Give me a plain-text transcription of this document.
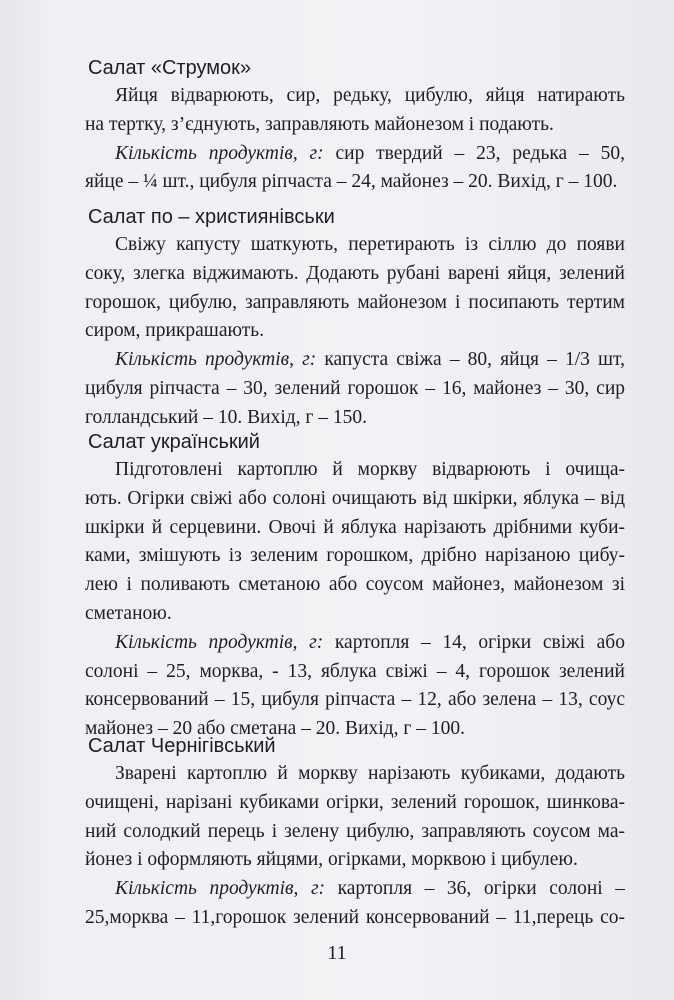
Салат «Струмок»
Яйця відварюють, сир, редьку, цибулю, яйця натирають
на тертку, з’єднують, заправляють майонезом і подають.
Кількість продуктів, г: сир твердий – 23, редька – 50,
яйце – ¼ шт., цибуля ріпчаста – 24, майонез – 20. Вихід, г – 100.
Салат по – християнівськи
Свіжу капусту шаткують, перетирають із сіллю до появи
соку, злегка віджимають. Додають рубані варені яйця, зелений
горошок, цибулю, заправляють майонезом і посипають тертим
сиром, прикрашають.
Кількість продуктів, г: капуста свіжа – 80, яйця – 1/3 шт,
цибуля ріпчаста – 30, зелений горошок – 16, майонез – 30, сир
голландський – 10. Вихід, г – 150.
Салат український
Підготовлені картоплю й моркву відварюють і очища-
ють. Огірки свіжі або солоні очищають від шкірки, яблука – від
шкірки й серцевини. Овочі й яблука нарізають дрібними куби-
ками, змішують із зеленим горошком, дрібно нарізаною цибу-
лею і поливають сметаною або соусом майонез, майонезом зі
сметаною.
Кількість продуктів, г: картопля – 14, огірки свіжі або
солоні – 25, морква, - 13, яблука свіжі – 4, горошок зелений
консервований – 15, цибуля ріпчаста – 12, або зелена – 13, соус
майонез – 20 або сметана – 20. Вихід, г – 100.
Салат Чернігівський
Зварені картоплю й моркву нарізають кубиками, додають
очищені, нарізані кубиками огірки, зелений горошок, шинкова-
ний солодкий перець і зелену цибулю, заправляють соусом ма-
йонез і оформляють яйцями, огірками, морквою і цибулею.
Кількість продуктів, г: картопля – 36, огірки солоні –
25,морква – 11,горошок зелений консервований – 11,перець со-
11
